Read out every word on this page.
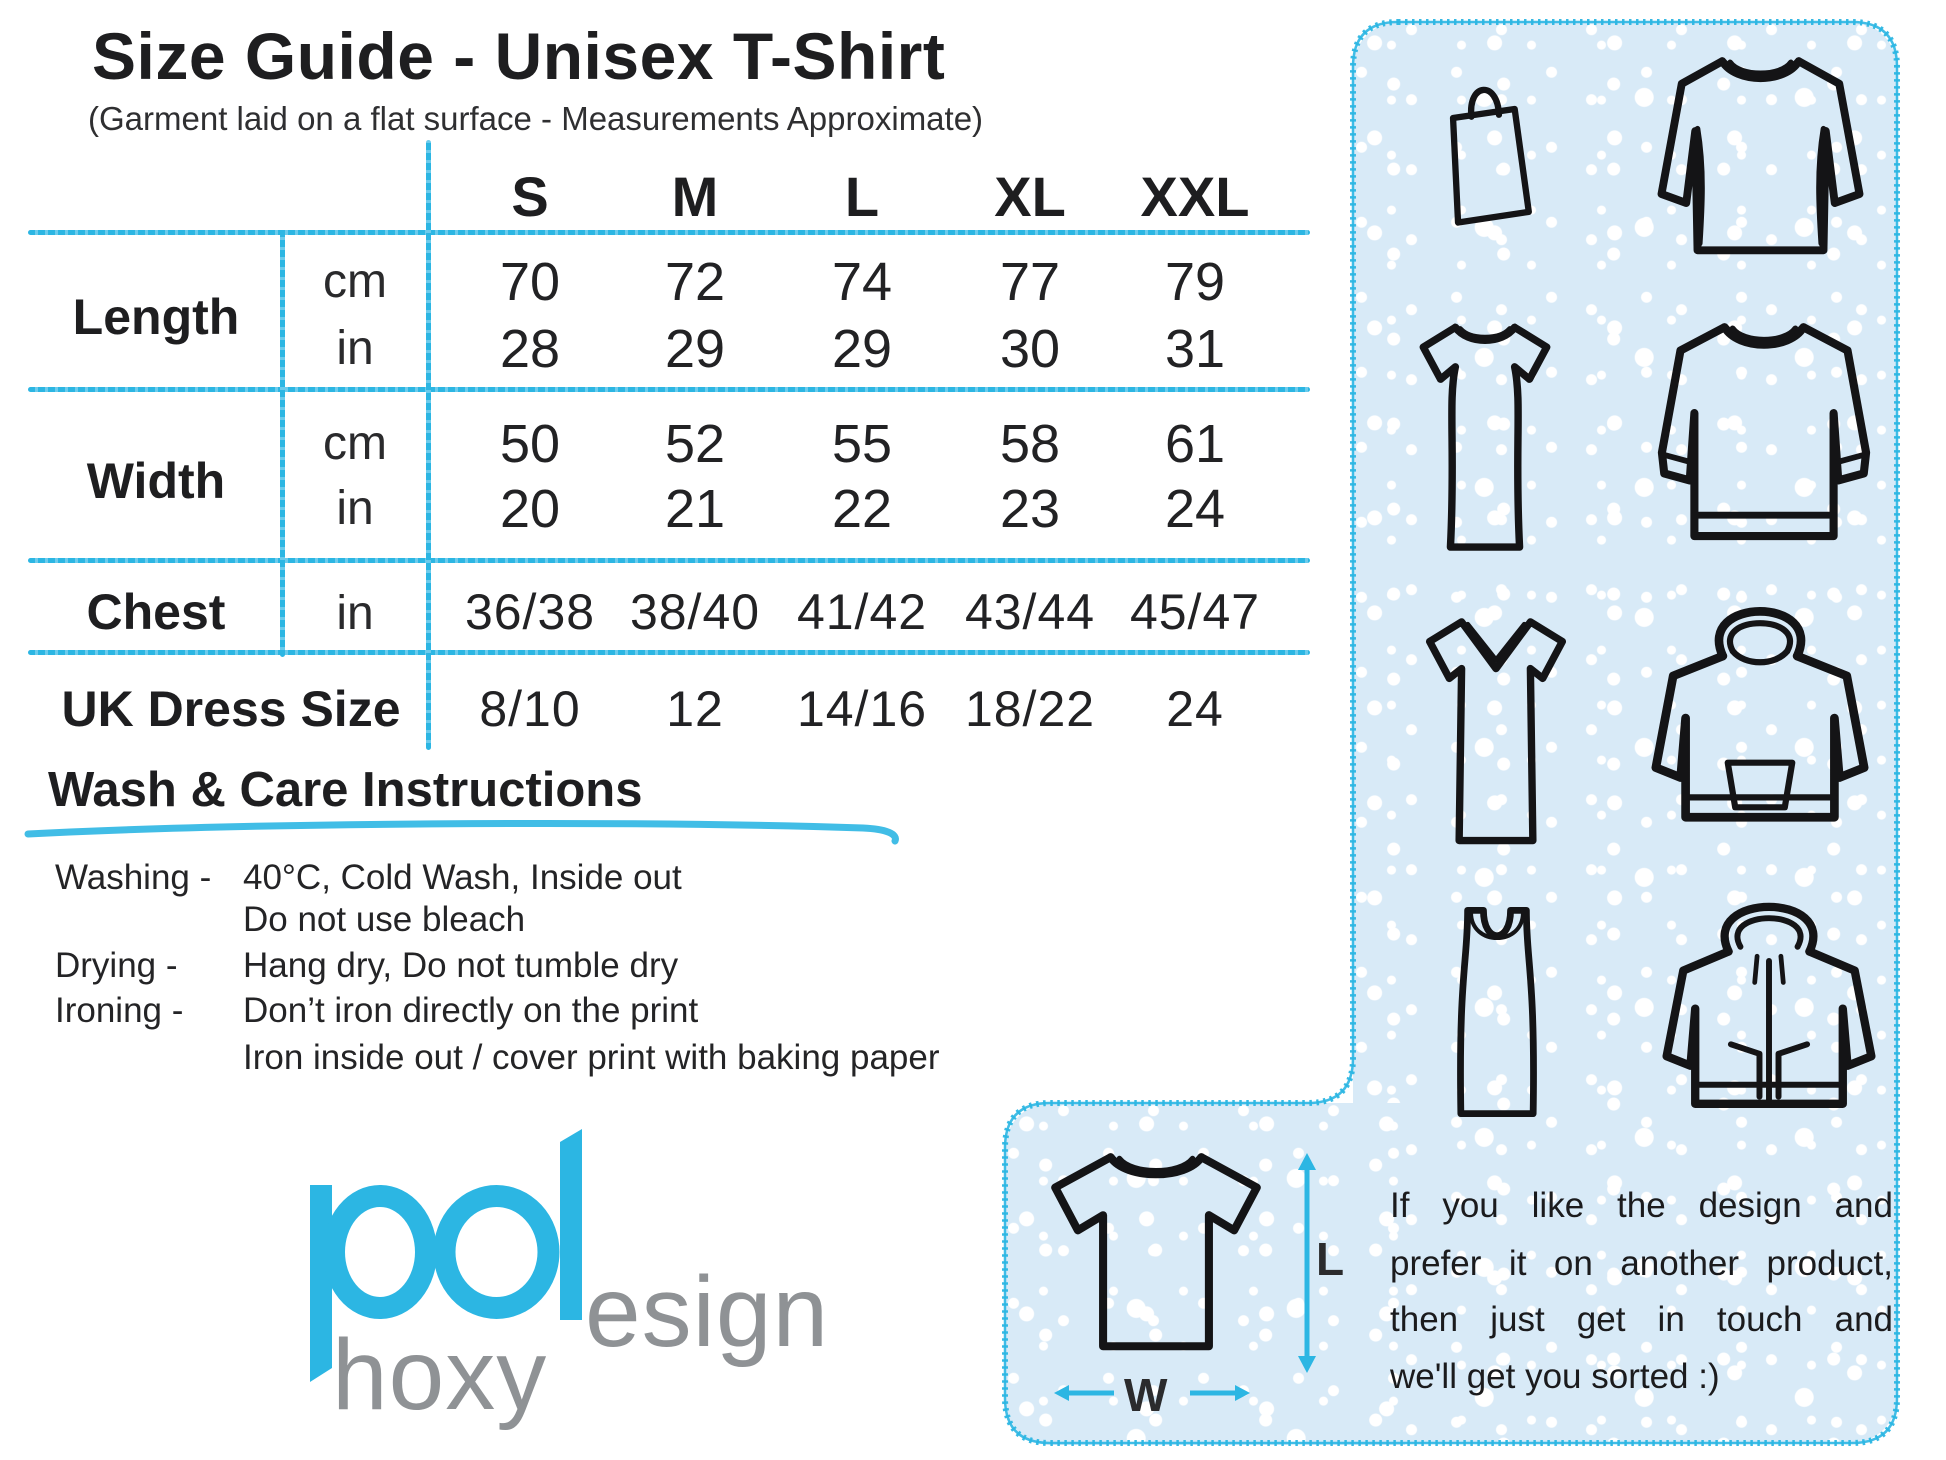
Size Guide - Unisex T-Shirt
(Garment laid on a flat surface - Measurements Approximate)
S M L XL XXL
Length
Width
Chest
UK Dress Size
cm
in
cm
in
in
70 72 74 77 79
28 29 29 30 31
50 52 55 58 61
20 21 22 23 24
36/38 38/40 41/42 43/44 45/47
8/10 12 14/16 18/22 24
Wash & Care Instructions
Washing -
Drying -
Ironing -
40°C, Cold Wash, Inside out
Do not use bleach
Hang dry, Do not tumble dry
Don’t iron directly on the print
Iron inside out / cover print with baking paper
esign
hoxy
L
W
If you like the design and
prefer it on another product,
then just get in touch and
we'll get you sorted :)
